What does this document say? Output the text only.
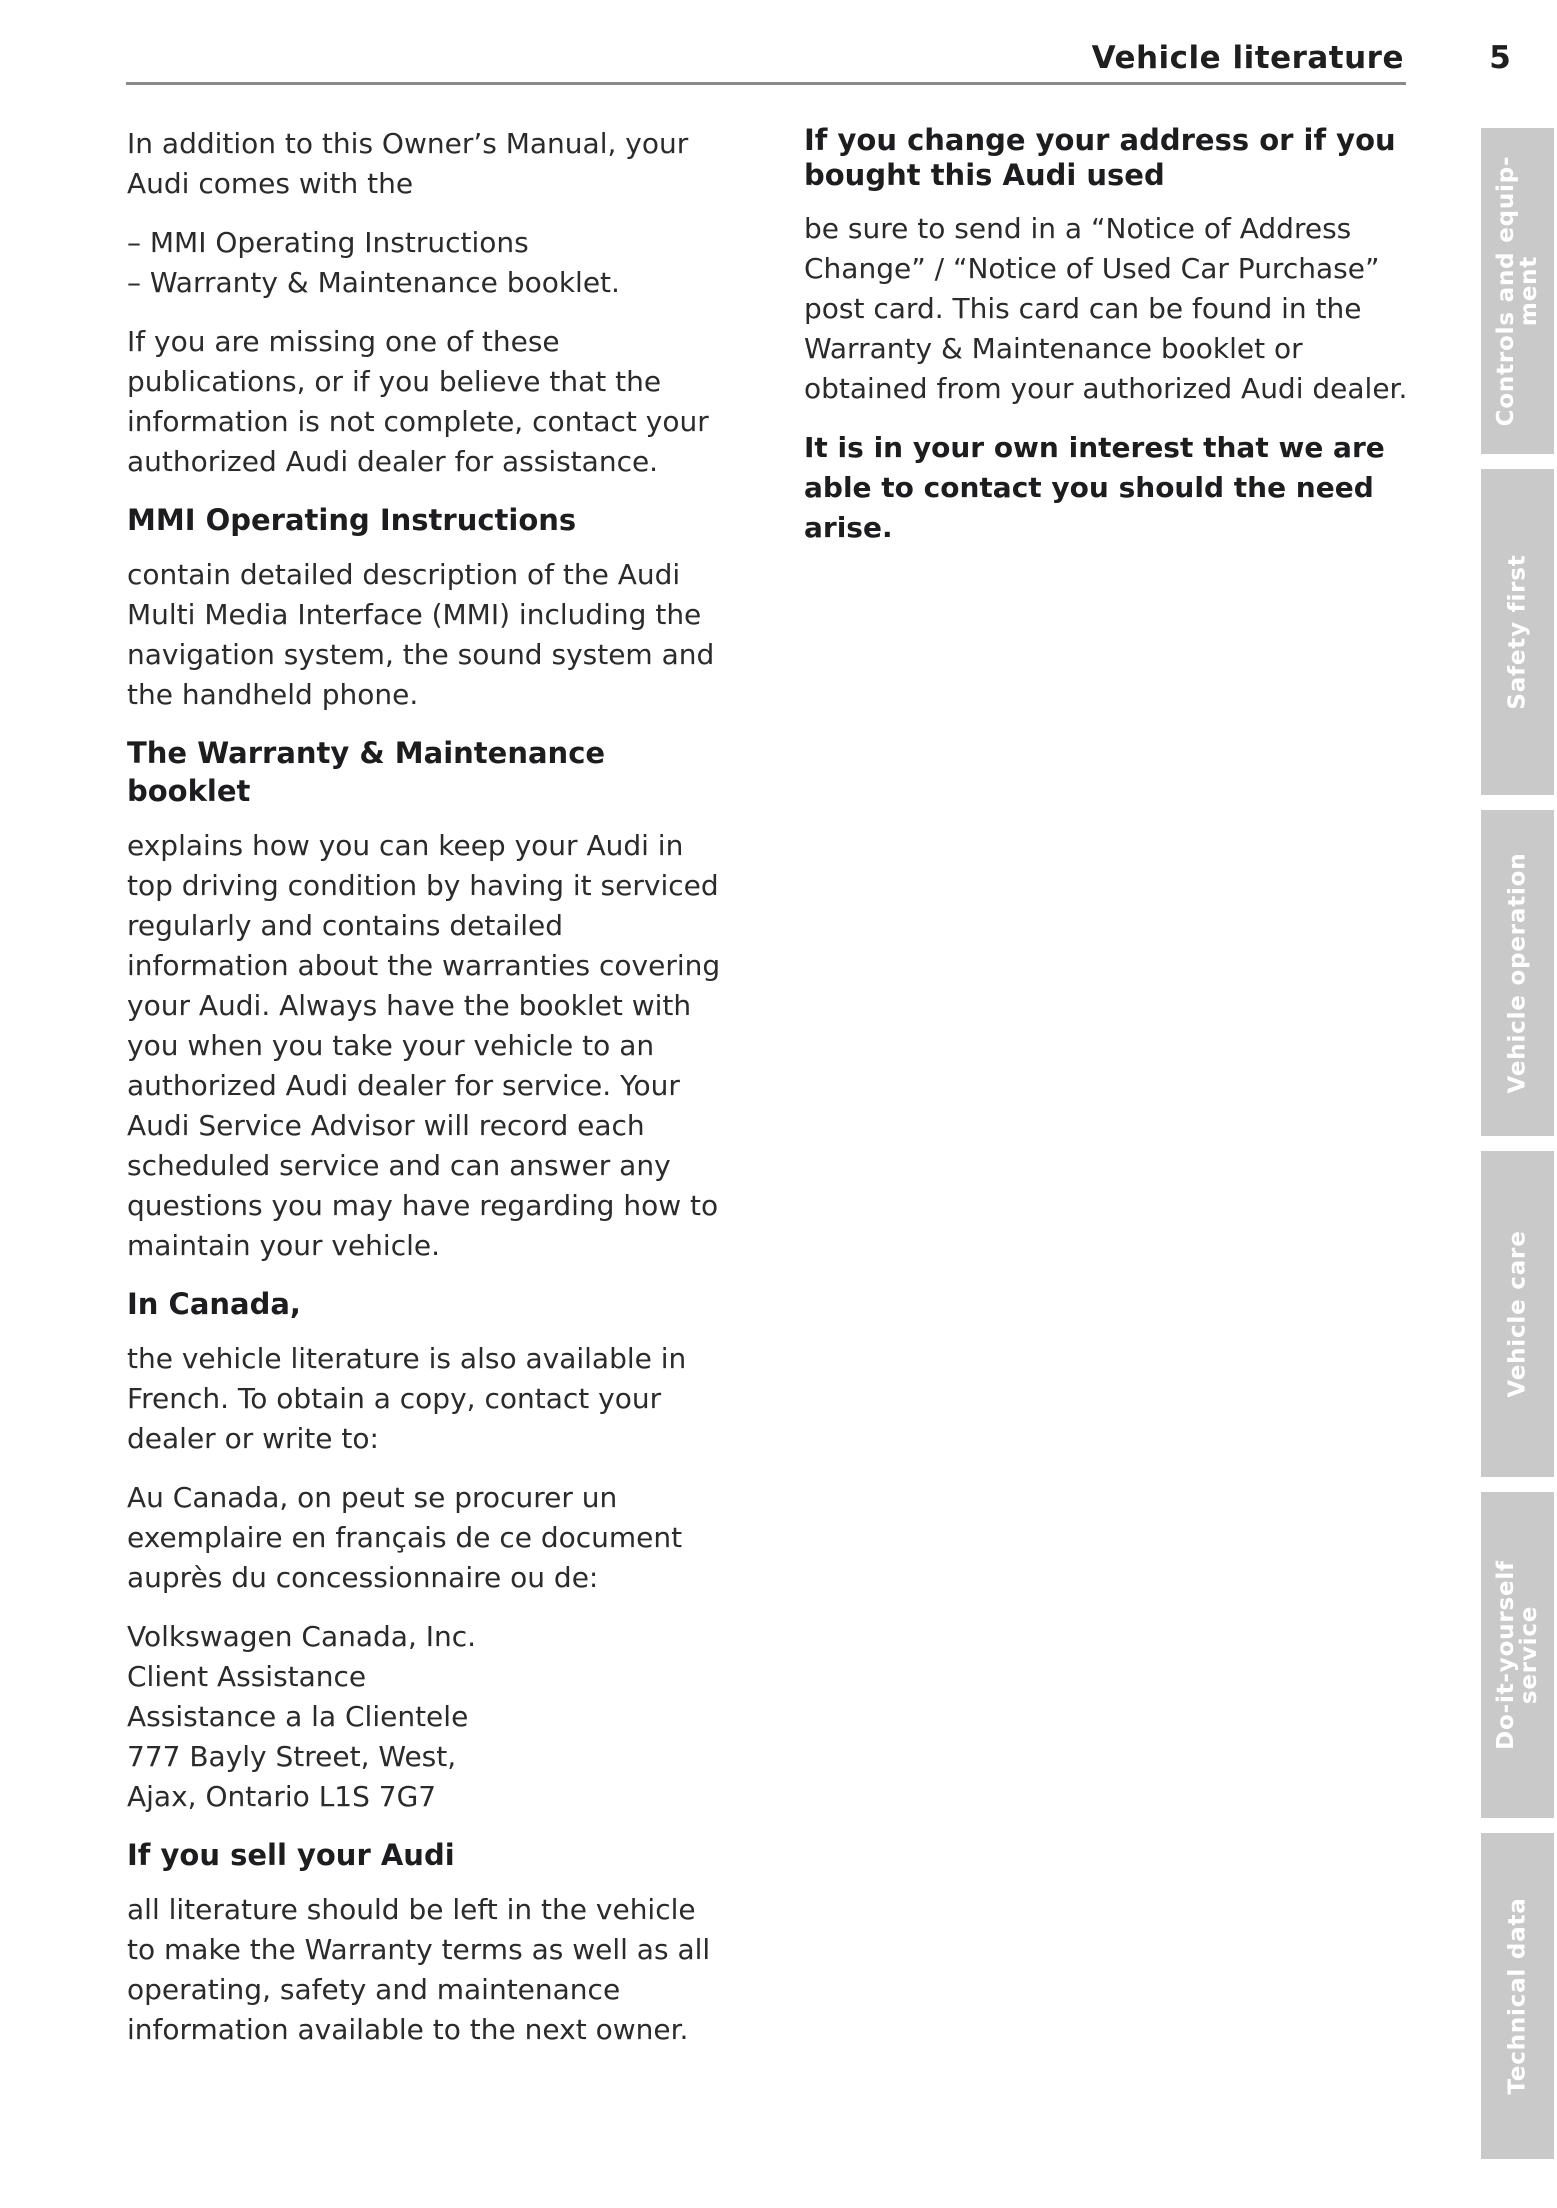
Vehicle literature	5

In addition to this Owner’s Manual, your Audi comes with the

– MMI Operating Instructions
– Warranty & Maintenance booklet.

If you are missing one of these publications, or if you believe that the information is not complete, contact your authorized Audi dealer for assistance.

MMI Operating Instructions

contain detailed description of the Audi Multi Media Interface (MMI) including the navigation system, the sound system and the handheld phone.

The Warranty & Maintenance booklet

explains how you can keep your Audi in top driving condition by having it serviced regularly and contains detailed information about the warranties covering your Audi. Always have the booklet with you when you take your vehicle to an authorized Audi dealer for service. Your Audi Service Advisor will record each scheduled service and can answer any questions you may have regarding how to maintain your vehicle.

In Canada,

the vehicle literature is also available in French. To obtain a copy, contact your dealer or write to:

Au Canada, on peut se procurer un exemplaire en français de ce document auprès du concessionnaire ou de:

Volkswagen Canada, Inc.
Client Assistance
Assistance a la Clientele
777 Bayly Street, West,
Ajax, Ontario L1S 7G7

If you sell your Audi

all literature should be left in the vehicle to make the Warranty terms as well as all operating, safety and maintenance information available to the next owner.

If you change your address or if you bought this Audi used

be sure to send in a “Notice of Address Change” / “Notice of Used Car Purchase” post card. This card can be found in the Warranty & Maintenance booklet or obtained from your authorized Audi dealer.

It is in your own interest that we are able to contact you should the need arise.

Controls and equip-
ment
Safety first
Vehicle operation
Vehicle care
Do-it-yourself
service
Technical data
